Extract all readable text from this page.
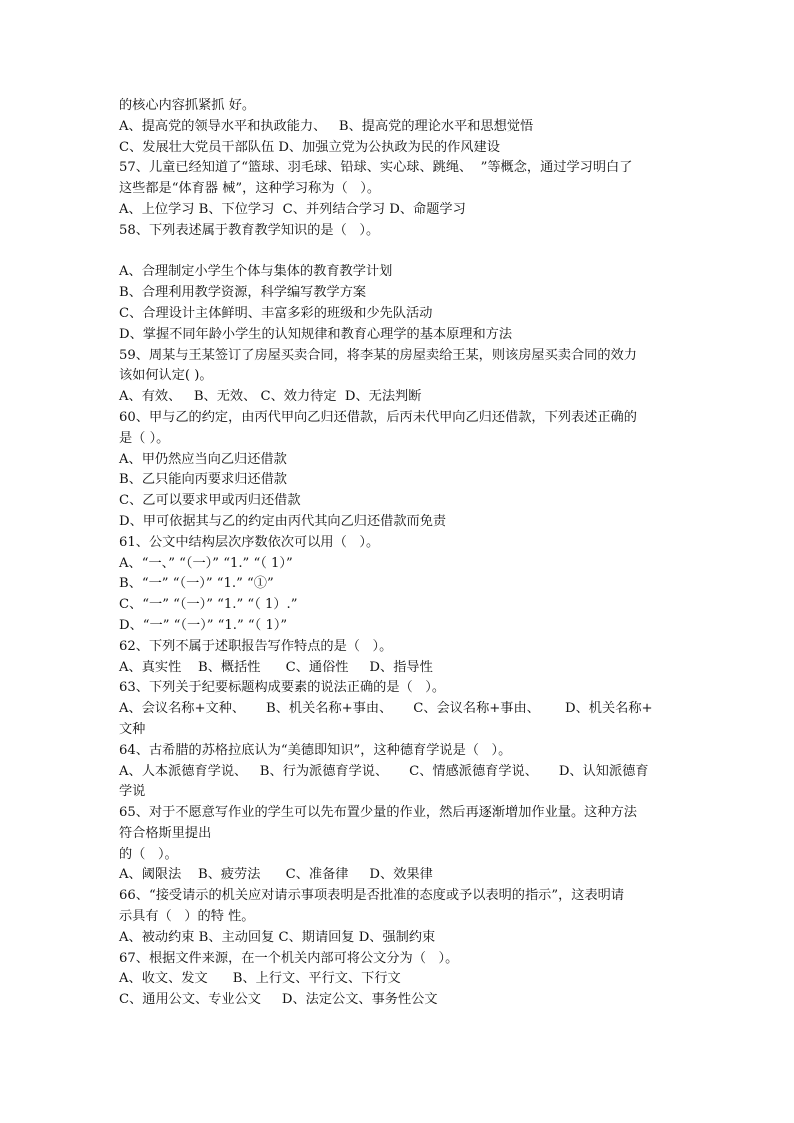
的核心内容抓紧抓 好。
A、提高党的领导水平和执政能力、   B、提高党的理论水平和思想觉悟
C、发展壮大党员干部队伍 D、加强立党为公执政为民的作风建设
57、儿童已经知道了“篮球、羽毛球、铅球、实心球、跳绳、  ”等概念，通过学习明白了
这些都是“体育器 械”，这种学习称为（   ）。
A、上位学习 B、下位学习  C、并列结合学习 D、命题学习
58、下列表述属于教育教学知识的是（   ）。
A、合理制定小学生个体与集体的教育教学计划
B、合理利用教学资源，科学编写教学方案
C、合理设计主体鲜明、丰富多彩的班级和少先队活动
D、掌握不同年龄小学生的认知规律和教育心理学的基本原理和方法
59、周某与王某签订了房屋买卖合同，将李某的房屋卖给王某，则该房屋买卖合同的效力
该如何认定( )。
A、有效、   B、无效、 C、效力待定  D、无法判断
60、甲与乙的约定，由丙代甲向乙归还借款，后丙未代甲向乙归还借款，下列表述正确的
是（ ）。
A、甲仍然应当向乙归还借款
B、乙只能向丙要求归还借款
C、乙可以要求甲或丙归还借款
D、甲可依据其与乙的约定由丙代其向乙归还借款而免责
61、公文中结构层次序数依次可以用（   ）。
A、“一、” “（一）” “1.” “（ 1）”
B、“一” “（一）” “1.” “①”
C、“一” “（一）” “1.” “（ 1）.”
D、“一” “（一）” “1.” “（ 1）”
62、下列不属于述职报告写作特点的是（   ）。
A、真实性    B、概括性      C、通俗性     D、指导性
63、下列关于纪要标题构成要素的说法正确的是（   ）。
A、会议名称+文种、     B、机关名称+事由、     C、会议名称+事由、      D、机关名称+
文种
64、古希腊的苏格拉底认为“美德即知识”，这种德育学说是（   ）。
A、人本派德育学说、   B、行为派德育学说、     C、情感派德育学说、     D、认知派德育
学说
65、对于不愿意写作业的学生可以先布置少量的作业，然后再逐渐增加作业量。这种方法
符合格斯里提出
的（   ）。
A、阈限法    B、疲劳法      C、准备律     D、效果律
66、“接受请示的机关应对请示事项表明是否批准的态度或予以表明的指示”，这表明请
示具有（   ）的特 性。
A、被动约束 B、主动回复 C、期请回复 D、强制约束
67、根据文件来源，在一个机关内部可将公文分为（   ）。
A、收文、发文      B、上行文、平行文、下行文
C、通用公文、专业公文     D、法定公文、事务性公文
